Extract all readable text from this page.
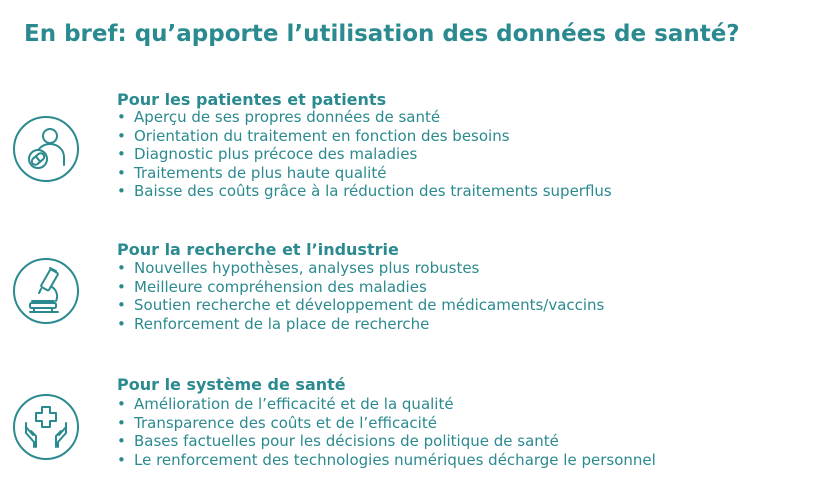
En bref: qu’apporte l’utilisation des données de santé?
Pour les patientes et patients
• Aperçu de ses propres données de santé
• Orientation du traitement en fonction des besoins
• Diagnostic plus précoce des maladies
• Traitements de plus haute qualité
• Baisse des coûts grâce à la réduction des traitements superflus
Pour la recherche et l’industrie
• Nouvelles hypothèses, analyses plus robustes
• Meilleure compréhension des maladies
• Soutien recherche et développement de médicaments/vaccins
• Renforcement de la place de recherche
Pour le système de santé
• Amélioration de l’efficacité et de la qualité
• Transparence des coûts et de l’efficacité
• Bases factuelles pour les décisions de politique de santé
• Le renforcement des technologies numériques décharge le personnel
